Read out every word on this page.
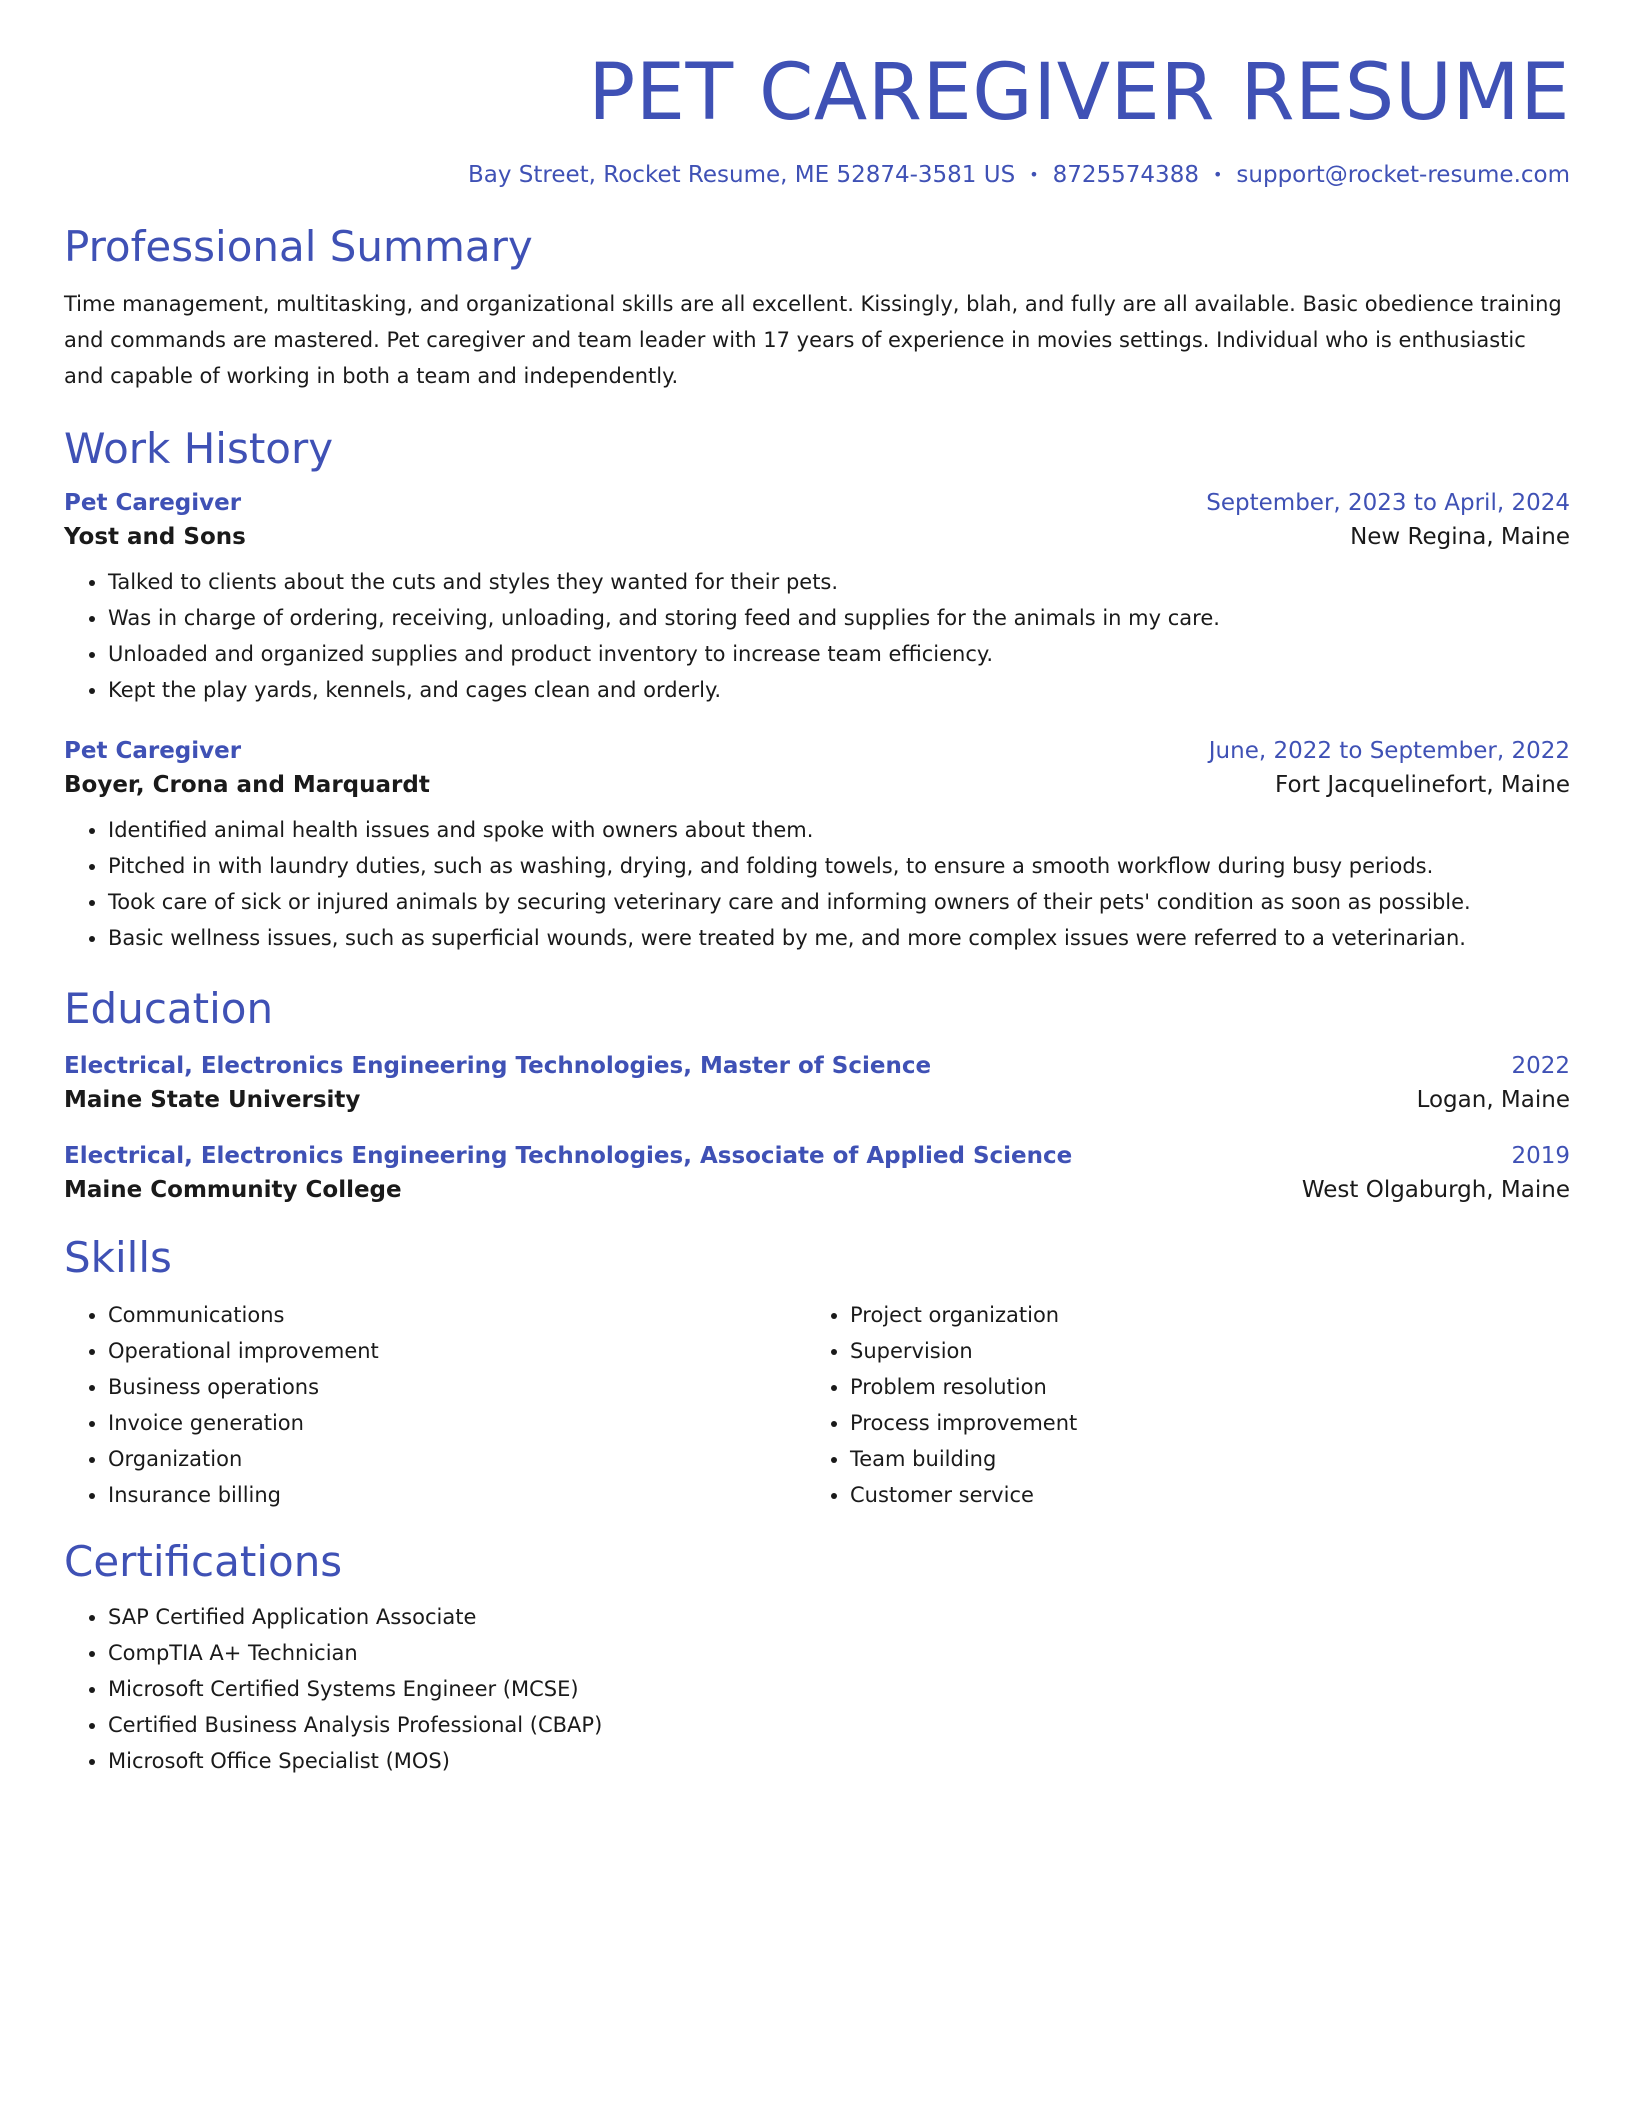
PET CAREGIVER RESUME
Bay Street, Rocket Resume, ME 52874-3581 US • 8725574388 • support@rocket-resume.com
Professional Summary

Time management, multitasking, and organizational skills are all excellent. Kissingly, blah, and fully are all available. Basic obedience training and commands are mastered. Pet caregiver and team leader with 17 years of experience in movies settings. Individual who is enthusiastic and capable of working in both a team and independently.

Work History
Pet Caregiver	September, 2023 to April, 2024
Yost and Sons	New Regina, Maine
• Talked to clients about the cuts and styles they wanted for their pets.
• Was in charge of ordering, receiving, unloading, and storing feed and supplies for the animals in my care.
• Unloaded and organized supplies and product inventory to increase team efficiency.
• Kept the play yards, kennels, and cages clean and orderly.
Pet Caregiver	June, 2022 to September, 2022
Boyer, Crona and Marquardt	Fort Jacquelinefort, Maine
• Identified animal health issues and spoke with owners about them.
• Pitched in with laundry duties, such as washing, drying, and folding towels, to ensure a smooth workflow during busy periods.
• Took care of sick or injured animals by securing veterinary care and informing owners of their pets' condition as soon as possible.
• Basic wellness issues, such as superficial wounds, were treated by me, and more complex issues were referred to a veterinarian.
Education
Electrical, Electronics Engineering Technologies, Master of Science	2022
Maine State University	Logan, Maine
Electrical, Electronics Engineering Technologies, Associate of Applied Science	2019
Maine Community College	West Olgaburgh, Maine
Skills
• Communications
• Operational improvement
• Business operations
• Invoice generation
• Organization
• Insurance billing
• Project organization
• Supervision
• Problem resolution
• Process improvement
• Team building
• Customer service
Certifications
• SAP Certified Application Associate
• CompTIA A+ Technician
• Microsoft Certified Systems Engineer (MCSE)
• Certified Business Analysis Professional (CBAP)
• Microsoft Office Specialist (MOS)
